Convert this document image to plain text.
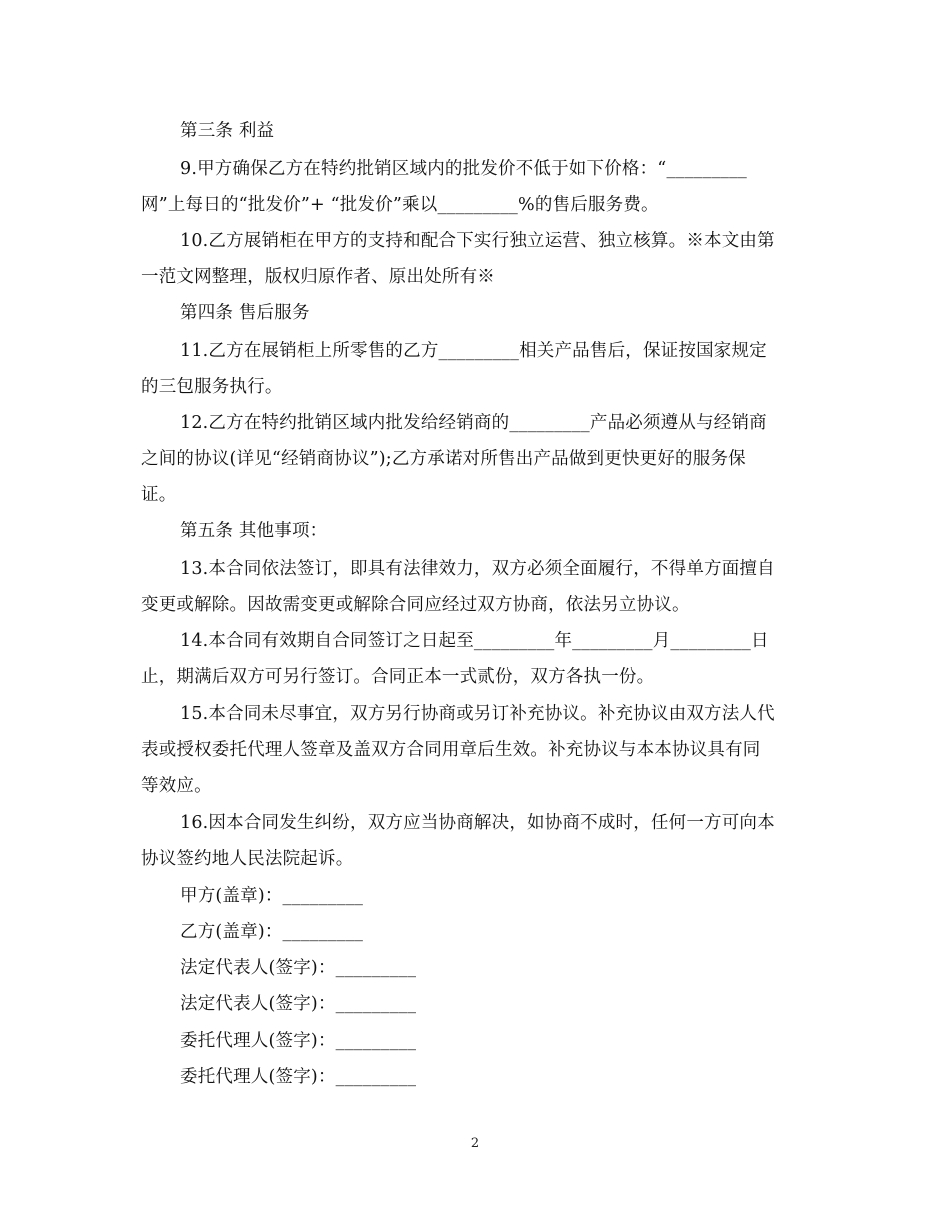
第三条 利益
9.甲方确保乙方在特约批销区域内的批发价不低于如下价格：“_________
网”上每日的“批发价”+ “批发价”乘以_________%的售后服务费。
10.乙方展销柜在甲方的支持和配合下实行独立运营、独立核算。※本文由第
一范文网整理，版权归原作者、原出处所有※
第四条 售后服务
11.乙方在展销柜上所零售的乙方_________相关产品售后，保证按国家规定
的三包服务执行。
12.乙方在特约批销区域内批发给经销商的_________产品必须遵从与经销商
之间的协议(详见“经销商协议”);乙方承诺对所售出产品做到更快更好的服务保
证。
第五条 其他事项：
13.本合同依法签订，即具有法律效力，双方必须全面履行，不得单方面擅自
变更或解除。因故需变更或解除合同应经过双方协商，依法另立协议。
14.本合同有效期自合同签订之日起至_________年_________月_________日
止，期满后双方可另行签订。合同正本一式贰份，双方各执一份。
15.本合同未尽事宜，双方另行协商或另订补充协议。补充协议由双方法人代
表或授权委托代理人签章及盖双方合同用章后生效。补充协议与本本协议具有同
等效应。
16.因本合同发生纠纷，双方应当协商解决，如协商不成时，任何一方可向本
协议签约地人民法院起诉。
甲方(盖章)：_________
乙方(盖章)：_________
法定代表人(签字)：_________
法定代表人(签字)：_________
委托代理人(签字)：_________
委托代理人(签字)：_________
2
